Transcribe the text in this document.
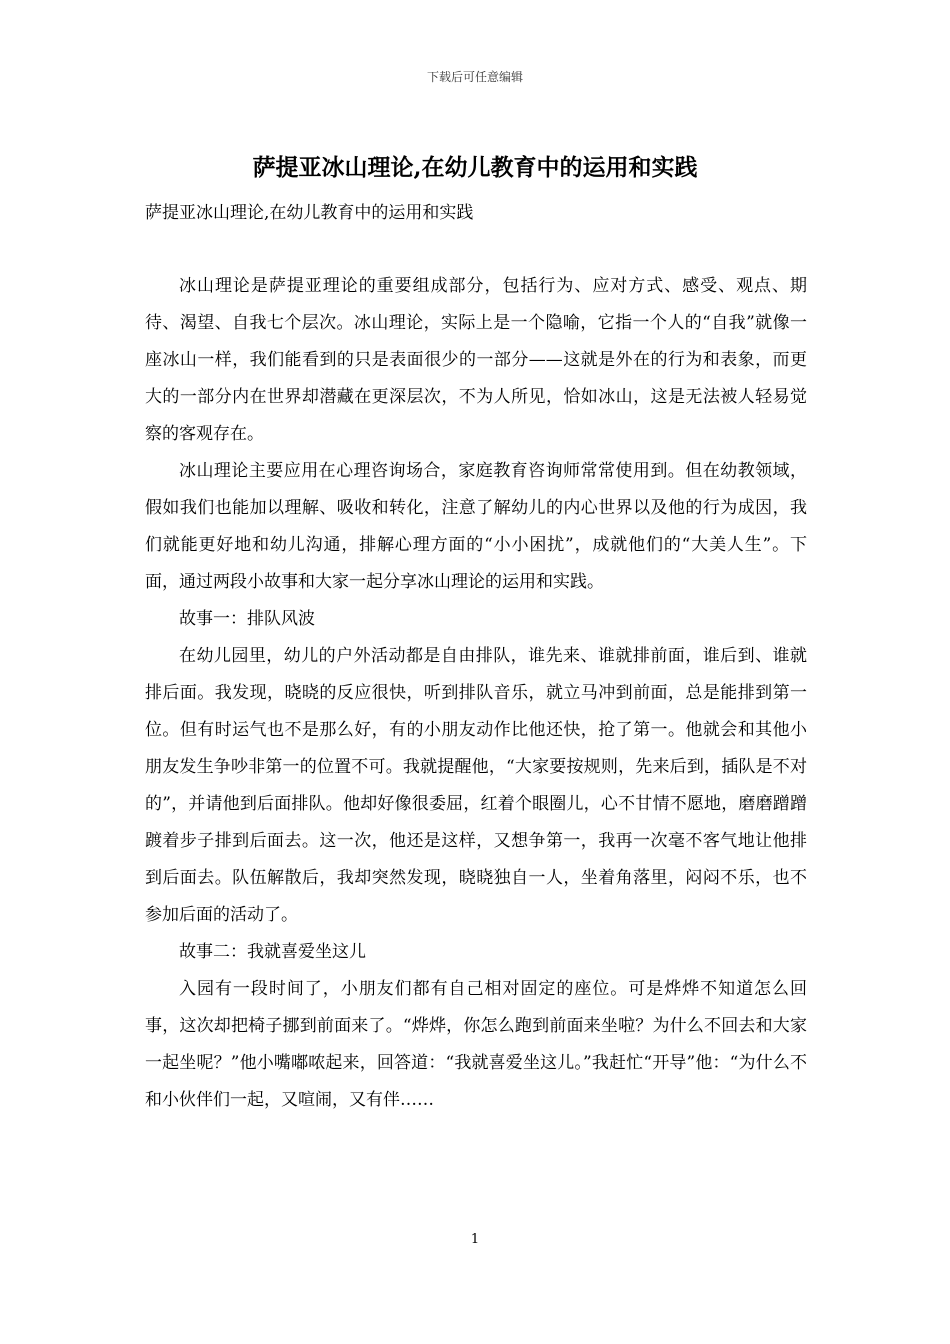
下载后可任意编辑
萨提亚冰山理论,在幼儿教育中的运用和实践
萨提亚冰山理论,在幼儿教育中的运用和实践

冰山理论是萨提亚理论的重要组成部分，包括行为、应对方式、感受、观点、期待、渴望、自我七个层次。冰山理论，实际上是一个隐喻，它指一个人的“自我”就像一座冰山一样，我们能看到的只是表面很少的一部分——这就是外在的行为和表象，而更大的一部分内在世界却潜藏在更深层次，不为人所见，恰如冰山，这是无法被人轻易觉察的客观存在。

冰山理论主要应用在心理咨询场合，家庭教育咨询师常常使用到。但在幼教领域，假如我们也能加以理解、吸收和转化，注意了解幼儿的内心世界以及他的行为成因，我们就能更好地和幼儿沟通，排解心理方面的“小小困扰”，成就他们的“大美人生”。下面，通过两段小故事和大家一起分享冰山理论的运用和实践。

故事一：排队风波

在幼儿园里，幼儿的户外活动都是自由排队，谁先来、谁就排前面，谁后到、谁就排后面。我发现，晓晓的反应很快，听到排队音乐，就立马冲到前面，总是能排到第一位。但有时运气也不是那么好，有的小朋友动作比他还快，抢了第一。他就会和其他小朋友发生争吵非第一的位置不可。我就提醒他，“大家要按规则，先来后到，插队是不对的”，并请他到后面排队。他却好像很委屈，红着个眼圈儿，心不甘情不愿地，磨磨蹭蹭踱着步子排到后面去。这一次，他还是这样，又想争第一，我再一次毫不客气地让他排到后面去。队伍解散后，我却突然发现，晓晓独自一人，坐着角落里，闷闷不乐，也不参加后面的活动了。

故事二：我就喜爱坐这儿

入园有一段时间了，小朋友们都有自己相对固定的座位。可是烨烨不知道怎么回事，这次却把椅子挪到前面来了。“烨烨，你怎么跑到前面来坐啦？为什么不回去和大家一起坐呢？”他小嘴嘟哝起来，回答道：“我就喜爱坐这儿。”我赶忙“开导”他：“为什么不和小伙伴们一起，又喧闹，又有伴……

1
